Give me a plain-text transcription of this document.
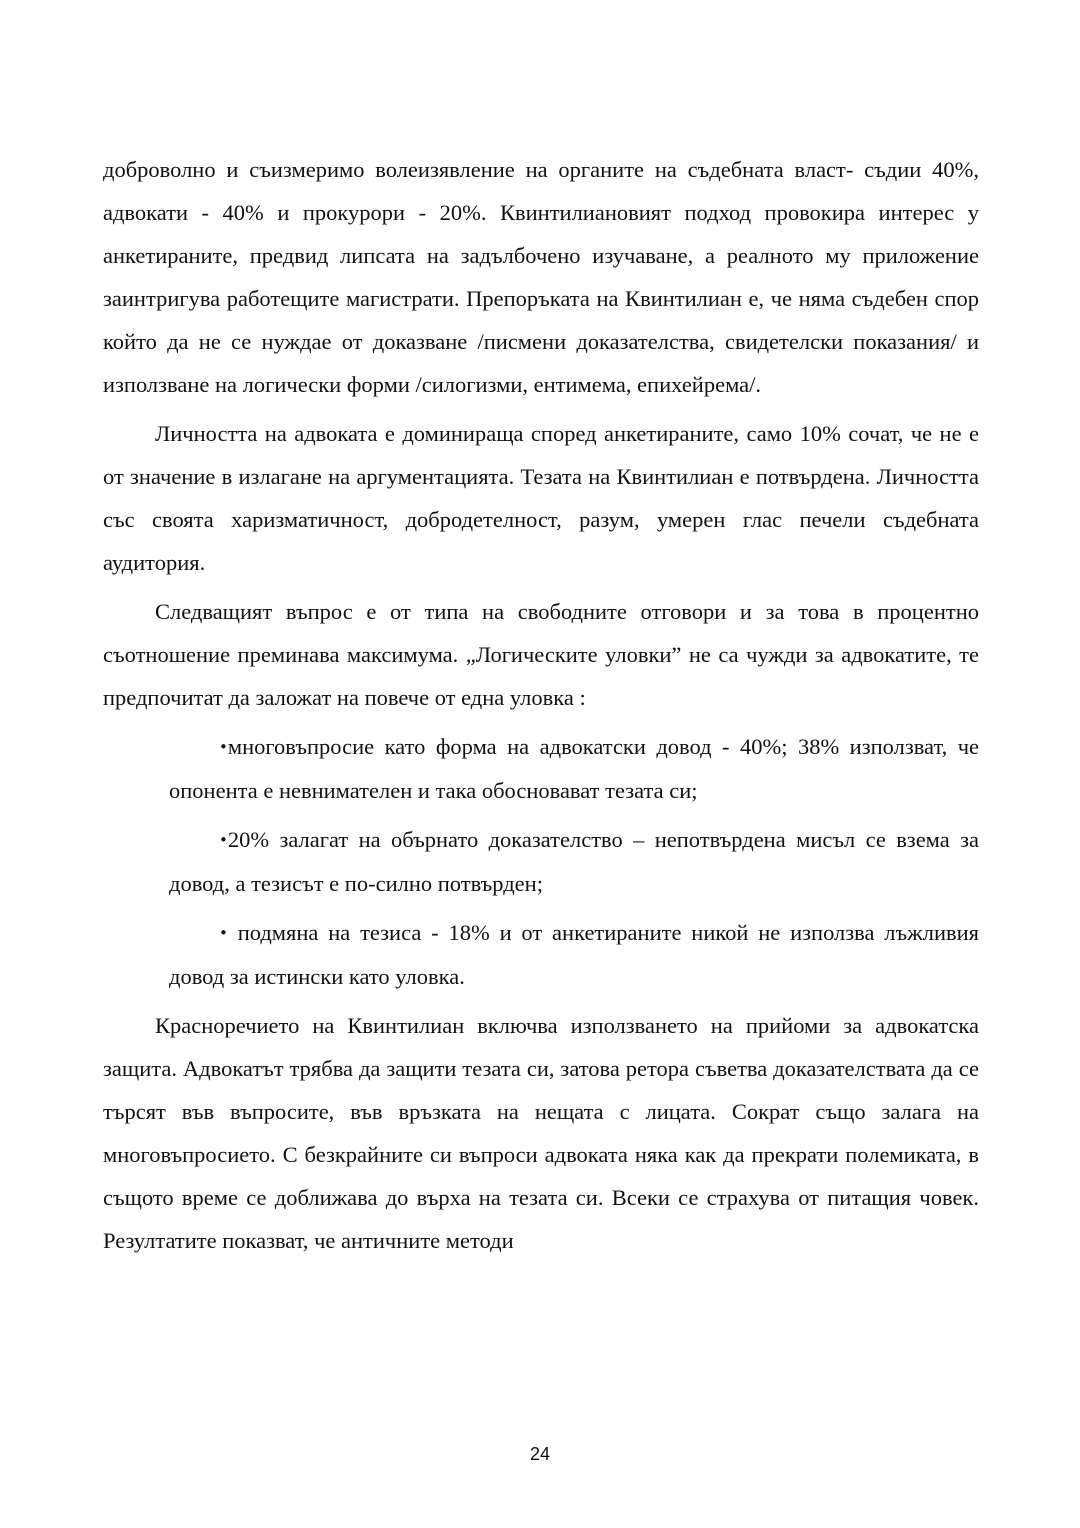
доброволно и съизмеримо волеизявление на органите на съдебната власт- съдии 40%, адвокати - 40% и прокурори - 20%. Квинтилиановият подход провокира интерес у анкетираните, предвид липсата на задълбочено изучаване, а реалното му приложение заинтригува работещите магистрати. Препоръката на Квинтилиан е, че няма съдебен спор който да не се нуждае от доказване /писмени доказателства, свидетелски показания/ и използване на логически форми /силогизми, ентимема, епихейрема/.

Личността на адвоката е доминираща според анкетираните, само 10% сочат, че не е от значение в излагане на аргументацията. Тезата на Квинтилиан е потвърдена. Личността със своята харизматичност, добродетелност, разум, умерен глас печели съдебната аудитория.

Следващият въпрос е от типа на свободните отговори и за това в процентно съотношение преминава максимума. „Логическите уловки” не са чужди за адвокатите, те предпочитат да заложат на повече от една уловка :

•многовъпросие като форма на адвокатски довод - 40%; 38% използват, че опонента е невнимателен и така обосновават тезата си;
•20% залагат на обърнато доказателство – непотвърдена мисъл се взема за довод, а тезисът е по-силно потвърден;
• подмяна на тезиса - 18% и от анкетираните никой не използва лъжливия довод за истински като уловка.

Красноречието на Квинтилиан включва използването на прийоми за адвокатска защита. Адвокатът трябва да защити тезата си, затова ретора съветва доказателствата да се търсят във въпросите, във връзката на нещата с лицата. Сократ също залага на многовъпросието. С безкрайните си въпроси адвоката няка как да прекрати полемиката, в същото време се доближава до върха на тезата си. Всеки се страхува от питащия човек. Резултатите показват, че античните методи

24
